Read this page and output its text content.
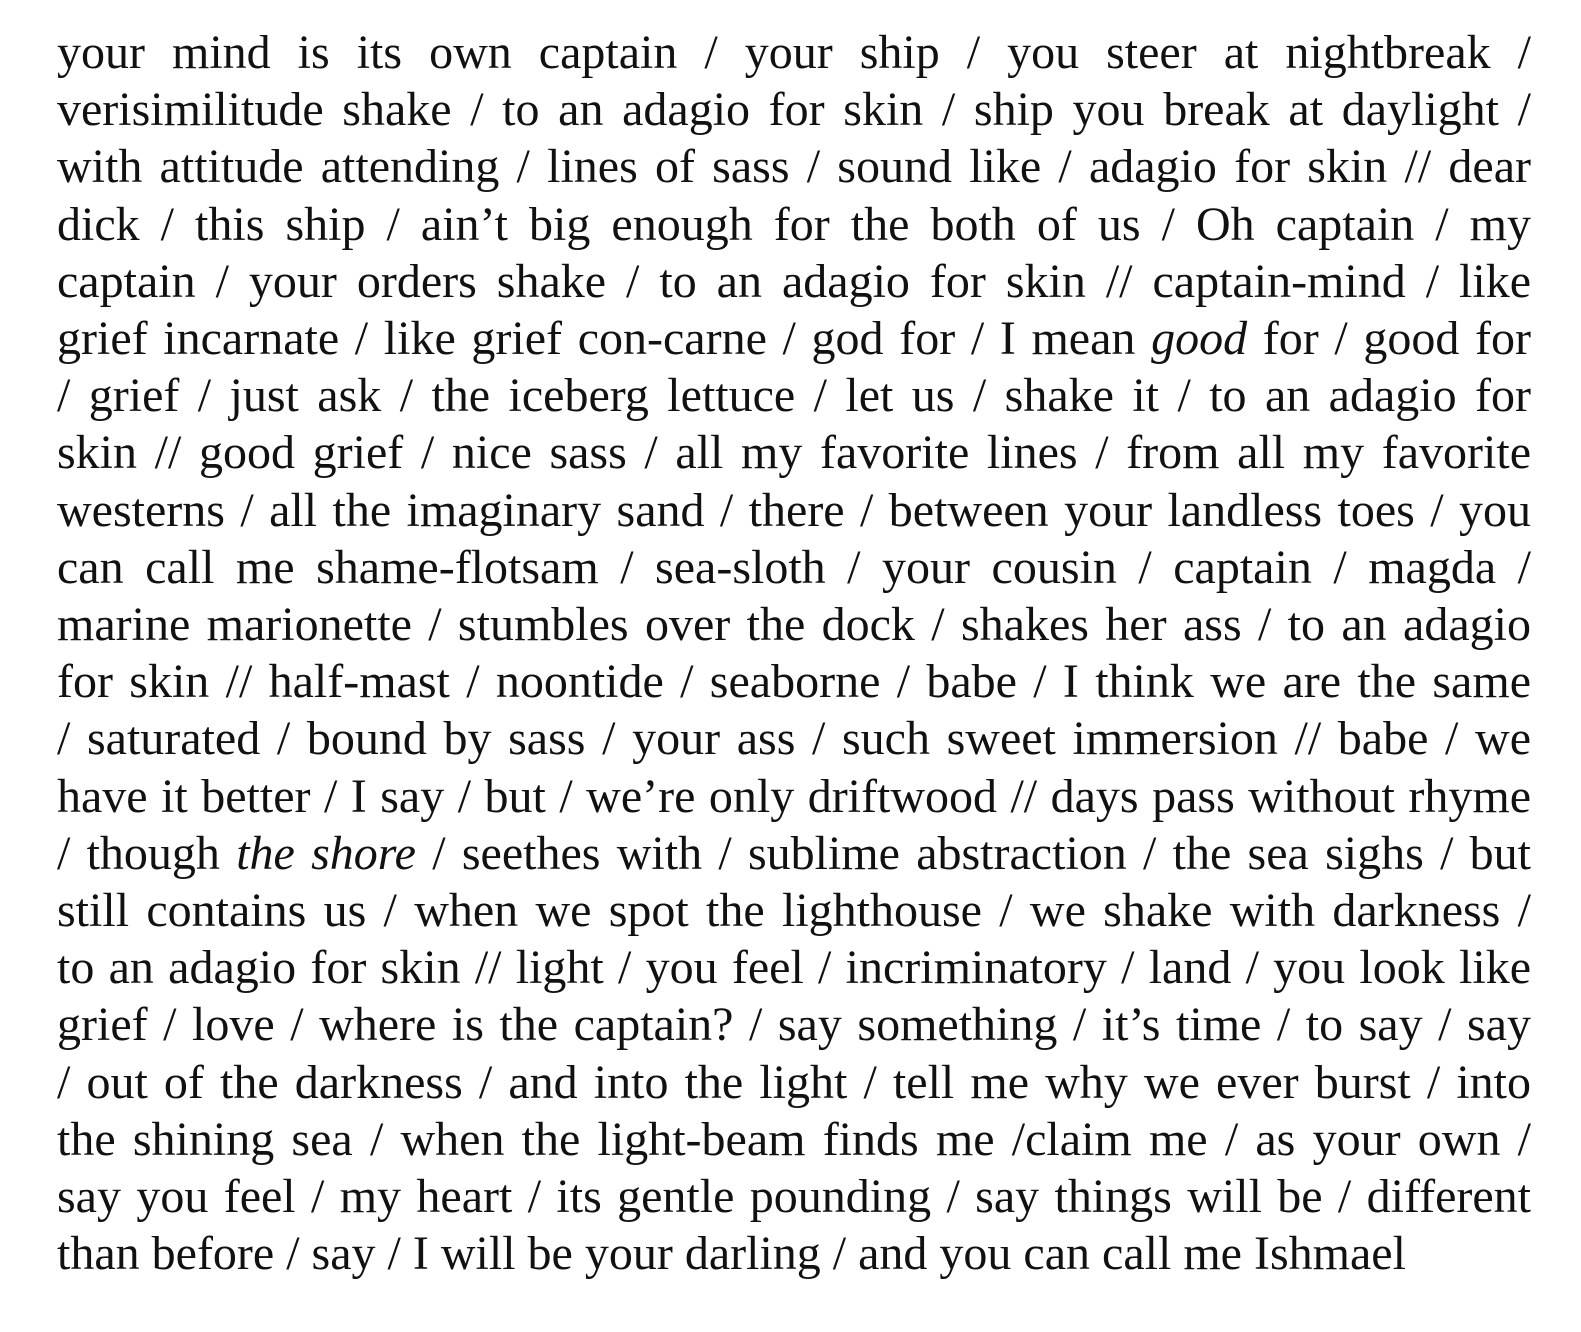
your mind is its own captain / your ship / you steer at nightbreak /
verisimilitude shake / to an adagio for skin / ship you break at daylight /
with attitude attending / lines of sass / sound like / adagio for skin // dear
dick / this ship / ain’t big enough for the both of us / Oh captain / my
captain / your orders shake / to an adagio for skin // captain-mind / like
grief incarnate / like grief con-carne / god for / I mean good for / good for
/ grief / just ask / the iceberg lettuce / let us / shake it / to an adagio for
skin // good grief / nice sass / all my favorite lines / from all my favorite
westerns / all the imaginary sand / there / between your landless toes / you
can call me shame-flotsam / sea-sloth / your cousin / captain / magda /
marine marionette / stumbles over the dock / shakes her ass / to an adagio
for skin // half-mast / noontide / seaborne / babe / I think we are the same
/ saturated / bound by sass / your ass / such sweet immersion // babe / we
have it better / I say / but / we’re only driftwood // days pass without rhyme
/ though the shore / seethes with / sublime abstraction / the sea sighs / but
still contains us / when we spot the lighthouse / we shake with darkness /
to an adagio for skin // light / you feel / incriminatory / land / you look like
grief / love / where is the captain? / say something / it’s time / to say / say
/ out of the darkness / and into the light / tell me why we ever burst / into
the shining sea / when the light-beam finds me /claim me / as your own /
say you feel / my heart / its gentle pounding / say things will be / different
than before / say / I will be your darling / and you can call me Ishmael
